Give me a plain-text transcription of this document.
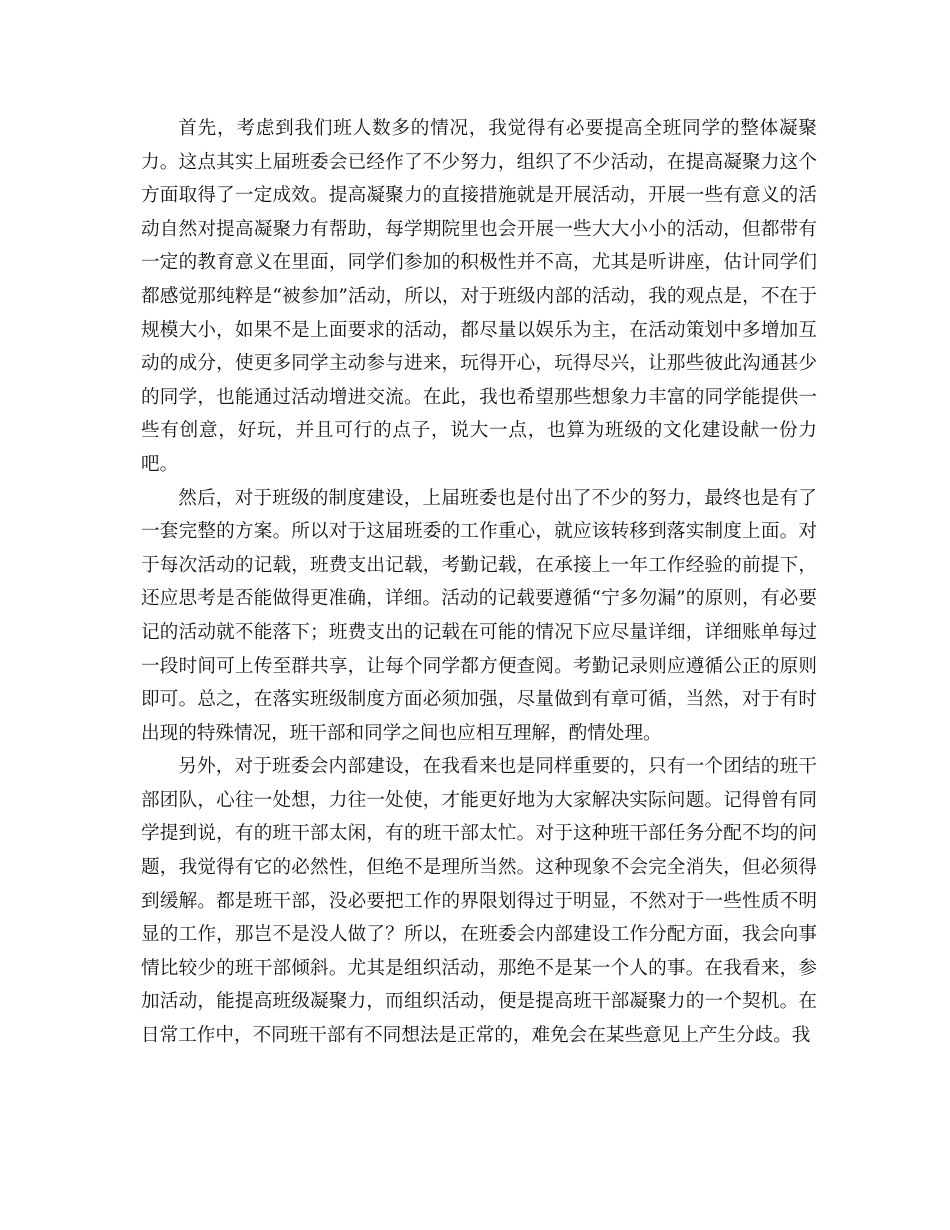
首先，考虑到我们班人数多的情况，我觉得有必要提高全班同学的整体凝聚力。这点其实上届班委会已经作了不少努力，组织了不少活动，在提高凝聚力这个方面取得了一定成效。提高凝聚力的直接措施就是开展活动，开展一些有意义的活动自然对提高凝聚力有帮助，每学期院里也会开展一些大大小小的活动，但都带有一定的教育意义在里面，同学们参加的积极性并不高，尤其是听讲座，估计同学们都感觉那纯粹是“被参加”活动，所以，对于班级内部的活动，我的观点是，不在于规模大小，如果不是上面要求的活动，都尽量以娱乐为主，在活动策划中多增加互动的成分，使更多同学主动参与进来，玩得开心，玩得尽兴，让那些彼此沟通甚少的同学，也能通过活动增进交流。在此，我也希望那些想象力丰富的同学能提供一些有创意，好玩，并且可行的点子，说大一点，也算为班级的文化建设献一份力吧。

然后，对于班级的制度建设，上届班委也是付出了不少的努力，最终也是有了一套完整的方案。所以对于这届班委的工作重心，就应该转移到落实制度上面。对于每次活动的记载，班费支出记载，考勤记载，在承接上一年工作经验的前提下，还应思考是否能做得更准确，详细。活动的记载要遵循“宁多勿漏”的原则，有必要记的活动就不能落下；班费支出的记载在可能的情况下应尽量详细，详细账单每过一段时间可上传至群共享，让每个同学都方便查阅。考勤记录则应遵循公正的原则即可。总之，在落实班级制度方面必须加强，尽量做到有章可循，当然，对于有时出现的特殊情况，班干部和同学之间也应相互理解，酌情处理。

另外，对于班委会内部建设，在我看来也是同样重要的，只有一个团结的班干部团队，心往一处想，力往一处使，才能更好地为大家解决实际问题。记得曾有同学提到说，有的班干部太闲，有的班干部太忙。对于这种班干部任务分配不均的问题，我觉得有它的必然性，但绝不是理所当然。这种现象不会完全消失，但必须得到缓解。都是班干部，没必要把工作的界限划得过于明显，不然对于一些性质不明显的工作，那岂不是没人做了？所以，在班委会内部建设工作分配方面，我会向事情比较少的班干部倾斜。尤其是组织活动，那绝不是某一个人的事。在我看来，参加活动，能提高班级凝聚力，而组织活动，便是提高班干部凝聚力的一个契机。在日常工作中，不同班干部有不同想法是正常的，难免会在某些意见上产生分歧。我
